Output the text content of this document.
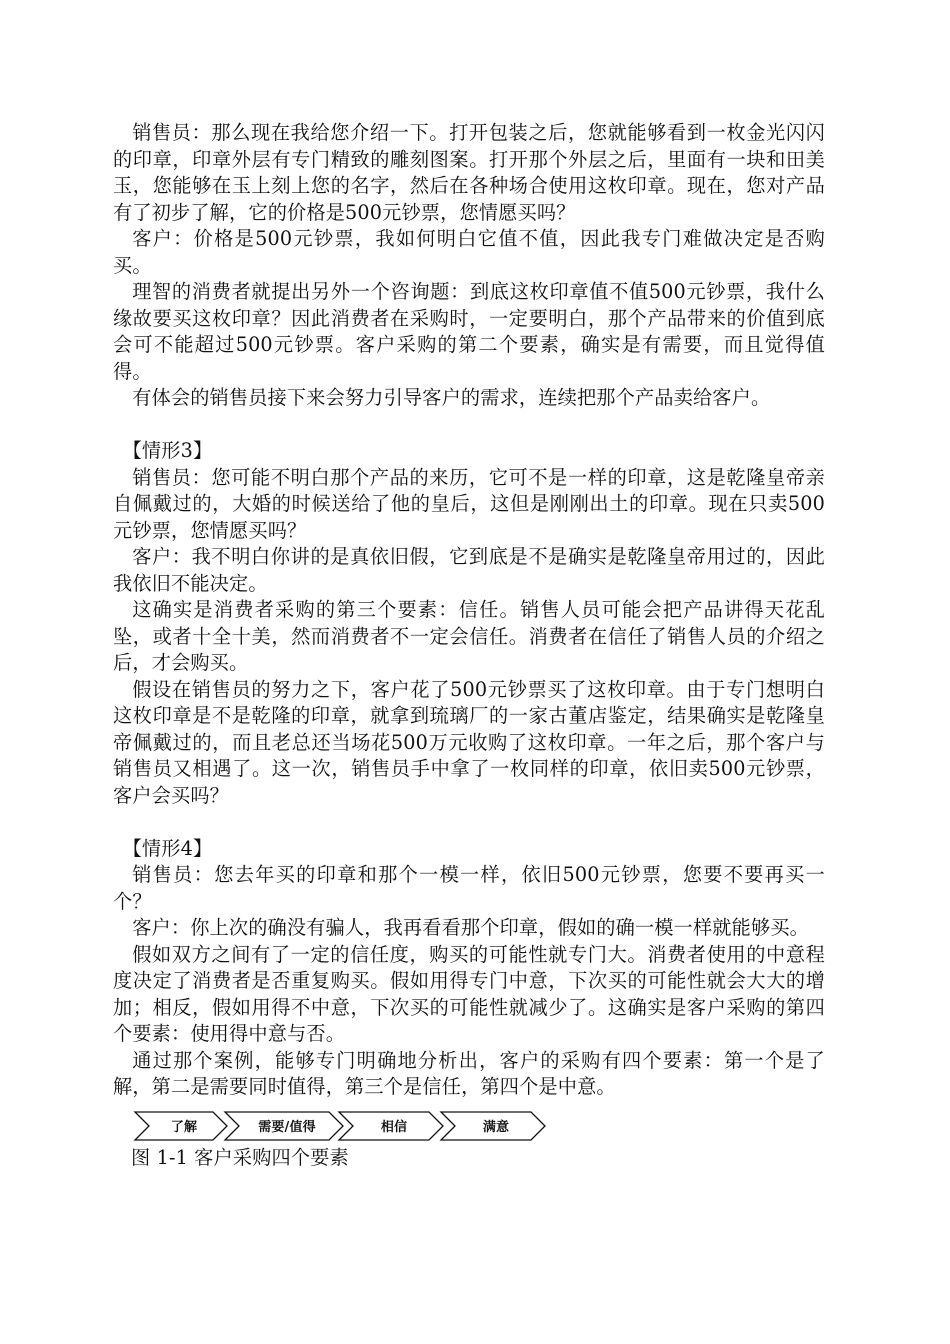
销售员：那么现在我给您介绍一下。打开包装之后，您就能够看到一枚金光闪闪的印章，印章外层有专门精致的雕刻图案。打开那个外层之后，里面有一块和田美玉，您能够在玉上刻上您的名字，然后在各种场合使用这枚印章。现在，您对产品有了初步了解，它的价格是500元钞票，您情愿买吗？

客户：价格是500元钞票，我如何明白它值不值，因此我专门难做决定是否购买。

理智的消费者就提出另外一个咨询题：到底这枚印章值不值500元钞票，我什么缘故要买这枚印章？因此消费者在采购时，一定要明白，那个产品带来的价值到底会可不能超过500元钞票。客户采购的第二个要素，确实是有需要，而且觉得值得。

有体会的销售员接下来会努力引导客户的需求，连续把那个产品卖给客户。

【情形3】

销售员：您可能不明白那个产品的来历，它可不是一样的印章，这是乾隆皇帝亲自佩戴过的，大婚的时候送给了他的皇后，这但是刚刚出土的印章。现在只卖500元钞票，您情愿买吗？

客户：我不明白你讲的是真依旧假，它到底是不是确实是乾隆皇帝用过的，因此我依旧不能决定。

这确实是消费者采购的第三个要素：信任。销售人员可能会把产品讲得天花乱坠，或者十全十美，然而消费者不一定会信任。消费者在信任了销售人员的介绍之后，才会购买。

假设在销售员的努力之下，客户花了500元钞票买了这枚印章。由于专门想明白这枚印章是不是乾隆的印章，就拿到琉璃厂的一家古董店鉴定，结果确实是乾隆皇帝佩戴过的，而且老总还当场花500万元收购了这枚印章。一年之后，那个客户与销售员又相遇了。这一次，销售员手中拿了一枚同样的印章，依旧卖500元钞票，客户会买吗？

【情形4】

销售员：您去年买的印章和那个一模一样，依旧500元钞票，您要不要再买一个？

客户：你上次的确没有骗人，我再看看那个印章，假如的确一模一样就能够买。

假如双方之间有了一定的信任度，购买的可能性就专门大。消费者使用的中意程度决定了消费者是否重复购买。假如用得专门中意，下次买的可能性就会大大的增加；相反，假如用得不中意，下次买的可能性就减少了。这确实是客户采购的第四个要素：使用得中意与否。

通过那个案例，能够专门明确地分析出，客户的采购有四个要素：第一个是了解，第二是需要同时值得，第三个是信任，第四个是中意。

了解	需要/值得	相信	满意

图 1-1 客户采购四个要素
